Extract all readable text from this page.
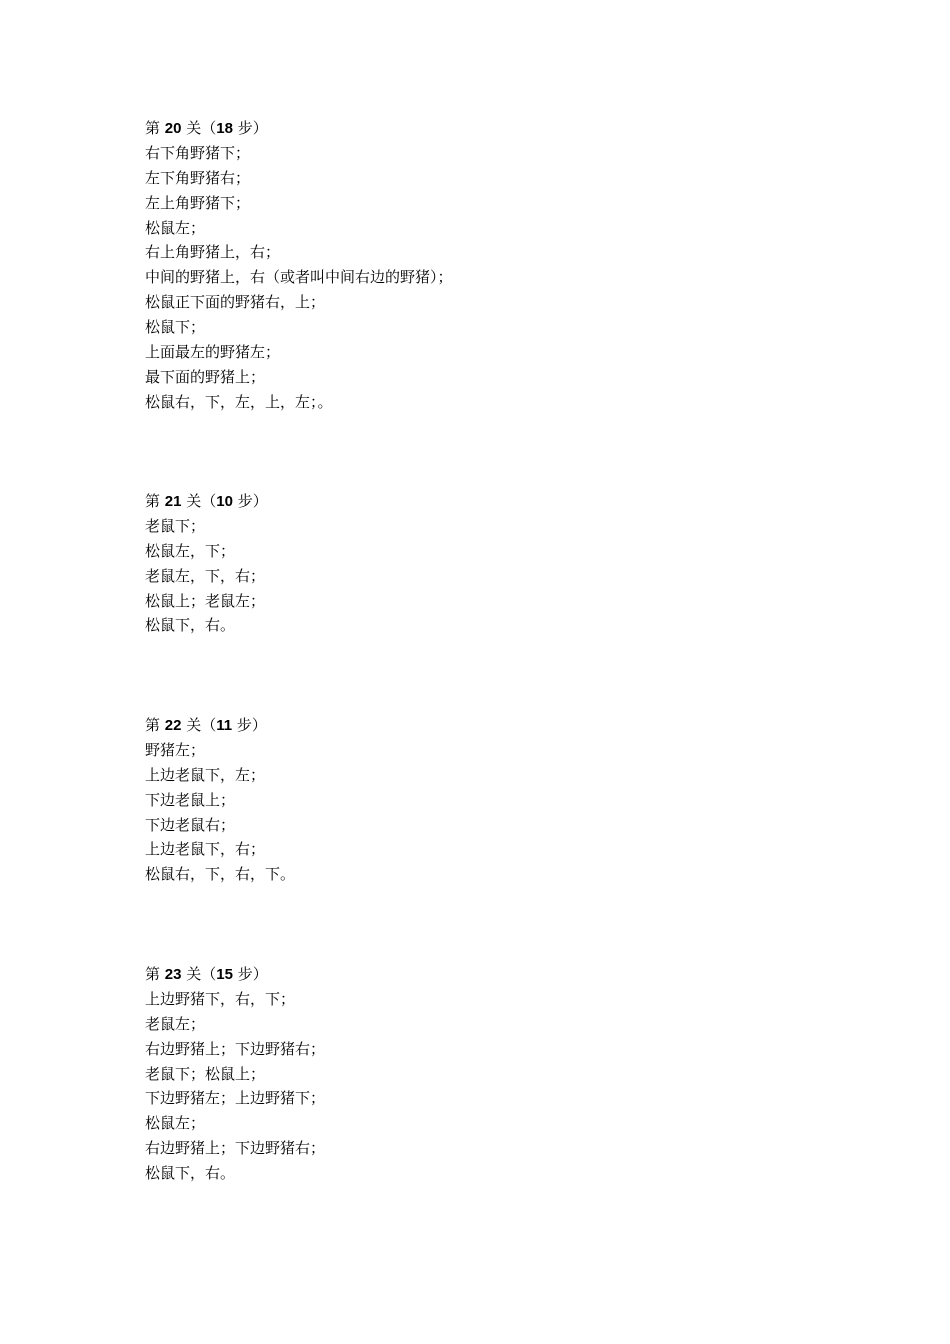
第 20 关（18 步）
右下角野猪下；
左下角野猪右；
左上角野猪下；
松鼠左；
右上角野猪上，右；
中间的野猪上，右（或者叫中间右边的野猪）；
松鼠正下面的野猪右，上；
松鼠下；
上面最左的野猪左；
最下面的野猪上；
松鼠右，下，左，上，左；。
第 21 关（10 步）
老鼠下；
松鼠左，下；
老鼠左，下，右；
松鼠上；老鼠左；
松鼠下，右。
第 22 关（11 步）
野猪左；
上边老鼠下，左；
下边老鼠上；
下边老鼠右；
上边老鼠下，右；
松鼠右，下，右，下。
第 23 关（15 步）
上边野猪下，右，下；
老鼠左；
右边野猪上；下边野猪右；
老鼠下；松鼠上；
下边野猪左；上边野猪下；
松鼠左；
右边野猪上；下边野猪右；
松鼠下，右。
